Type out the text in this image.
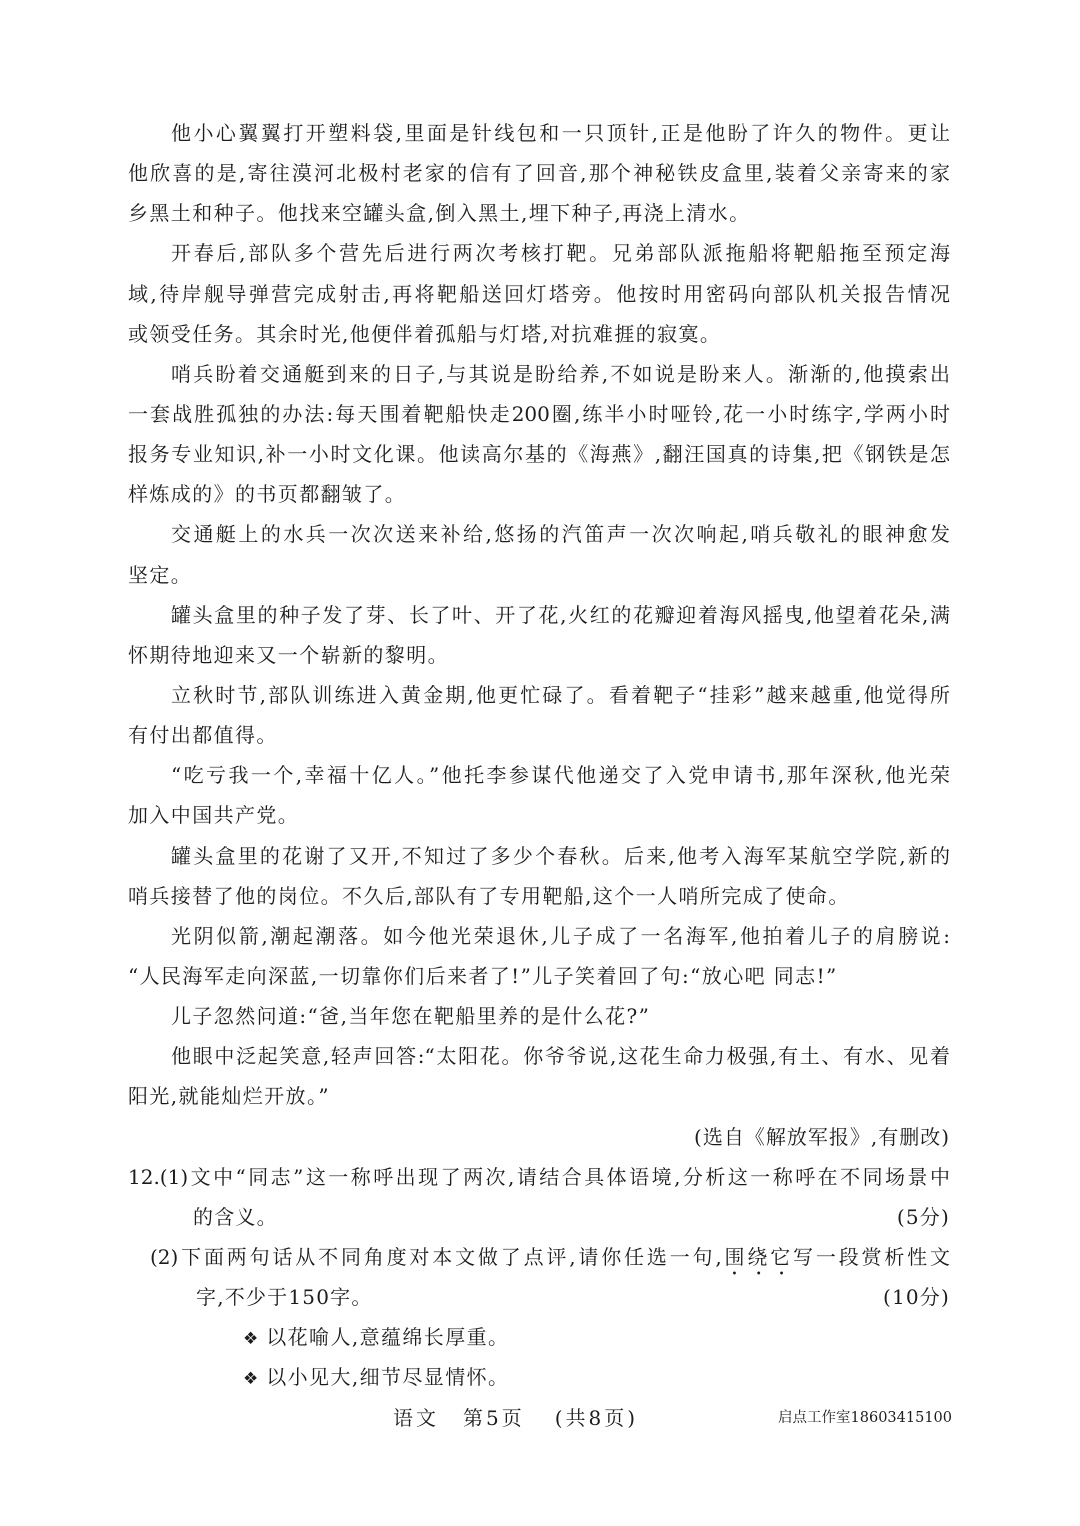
他小心翼翼打开塑料袋,里面是针线包和一只顶针,正是他盼了许久的物件。更让
他欣喜的是,寄往漠河北极村老家的信有了回音,那个神秘铁皮盒里,装着父亲寄来的家
乡黑土和种子。他找来空罐头盒,倒入黑土,埋下种子,再浇上清水。
开春后,部队多个营先后进行两次考核打靶。兄弟部队派拖船将靶船拖至预定海
域,待岸舰导弹营完成射击,再将靶船送回灯塔旁。他按时用密码向部队机关报告情况
或领受任务。其余时光,他便伴着孤船与灯塔,对抗难捱的寂寞。
哨兵盼着交通艇到来的日子,与其说是盼给养,不如说是盼来人。渐渐的,他摸索出
一套战胜孤独的办法:每天围着靶船快走200圈,练半小时哑铃,花一小时练字,学两小时
报务专业知识,补一小时文化课。他读高尔基的《海燕》,翻汪国真的诗集,把《钢铁是怎
样炼成的》的书页都翻皱了。
交通艇上的水兵一次次送来补给,悠扬的汽笛声一次次响起,哨兵敬礼的眼神愈发
坚定。
罐头盒里的种子发了芽、长了叶、开了花,火红的花瓣迎着海风摇曳,他望着花朵,满
怀期待地迎来又一个崭新的黎明。
立秋时节,部队训练进入黄金期,他更忙碌了。看着靶子“挂彩”越来越重,他觉得所
有付出都值得。
“吃亏我一个,幸福十亿人。”他托李参谋代他递交了入党申请书,那年深秋,他光荣
加入中国共产党。
罐头盒里的花谢了又开,不知过了多少个春秋。后来,他考入海军某航空学院,新的
哨兵接替了他的岗位。不久后,部队有了专用靶船,这个一人哨所完成了使命。
光阴似箭,潮起潮落。如今他光荣退休,儿子成了一名海军,他拍着儿子的肩膀说:
“人民海军走向深蓝,一切靠你们后来者了!”儿子笑着回了句:“放心吧 同志!”
儿子忽然问道:“爸,当年您在靶船里养的是什么花?”
他眼中泛起笑意,轻声回答:“太阳花。你爷爷说,这花生命力极强,有土、有水、见着
阳光,就能灿烂开放。”
(选自《解放军报》,有删改)
12.(1)文中“同志”这一称呼出现了两次,请结合具体语境,分析这一称呼在不同场景中
的含义。	(5分)
(2)下面两句话从不同角度对本文做了点评,请你任选一句,围绕它写一段赏析性文
字,不少于150字。	(10分)
❖ 以花喻人,意蕴绵长厚重。
❖ 以小见大,细节尽显情怀。
语文 第5页 (共8页)	启点工作室18603415100
